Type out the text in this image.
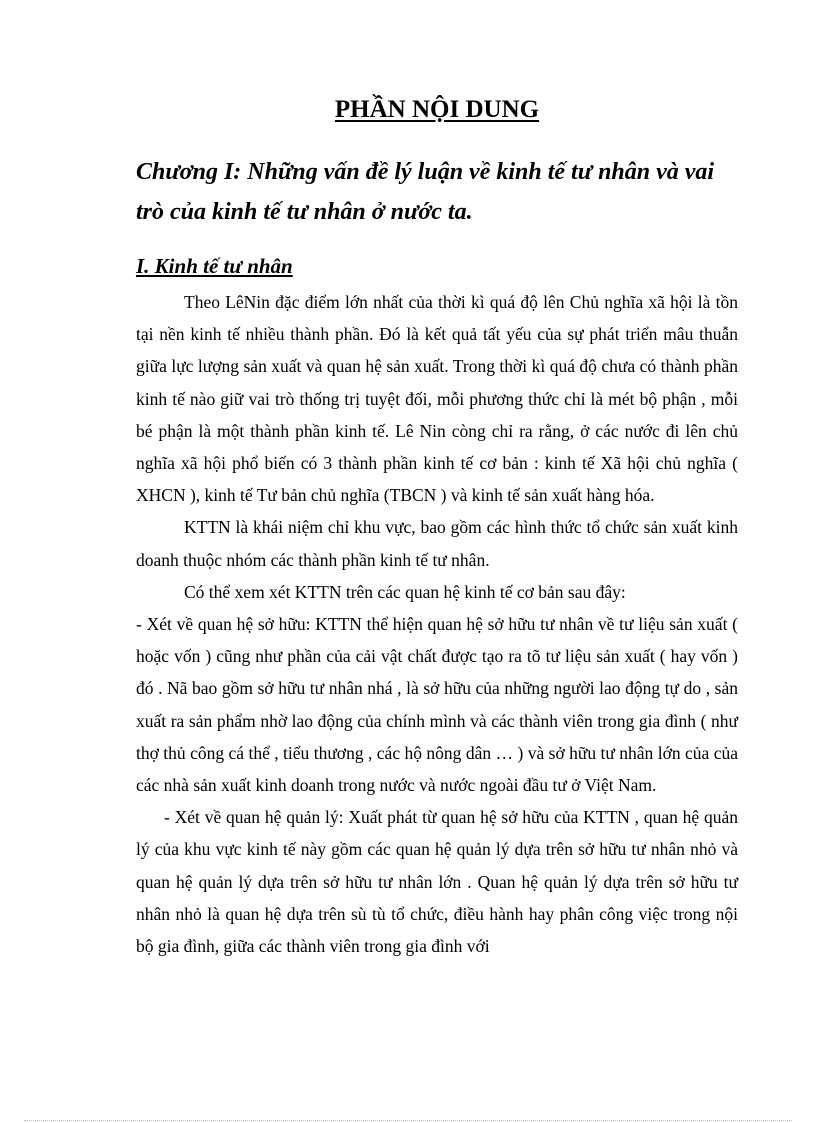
PHẦN NỘI DUNG
Chương I: Những vấn đề lý luận về kinh tế tư nhân và vai trò của kinh tế tư nhân ở nước ta.
I. Kinh tế tư nhân

Theo LêNin đặc điểm lớn nhất của thời kì quá độ lên Chủ nghĩa xã hội là tồn tại nền kinh tế nhiều thành phần. Đó là kết quả tất yếu của sự phát triển mâu thuẫn giữa lực lượng sản xuất và quan hệ sản xuất. Trong thời kì quá độ chưa có thành phần kinh tế nào giữ vai trò thống trị tuyệt đối, mỗi phương thức chỉ là mét bộ phận , mỗi bé phận là một thành phần kinh tế. Lê Nin còng chỉ ra rằng, ở các nước đi lên chủ nghĩa xã hội phổ biến có 3 thành phần kinh tế cơ bản : kinh tế Xã hội chủ nghĩa ( XHCN ), kinh tế Tư bản chủ nghĩa (TBCN ) và kinh tế sản xuất hàng hóa.

KTTN là khái niệm chỉ khu vực, bao gồm các hình thức tổ chức sản xuất kinh doanh thuộc nhóm các thành phần kinh tế tư nhân.

Có thể xem xét KTTN trên các quan hệ kinh tế cơ bản sau đây:

- Xét về quan hệ sở hữu: KTTN thể hiện quan hệ sở hữu tư nhân về tư liệu sản xuất ( hoặc vốn ) cũng như phần của cải vật chất được tạo ra tõ tư liệu sản xuất ( hay vốn ) đó . Nã bao gồm sở hữu tư nhân nhá , là sở hữu của những người lao động tự do , sản xuất ra sản phẩm nhờ lao động của chính mình và các thành viên trong gia đình ( như thợ thủ công cá thể , tiểu thương , các hộ nông dân … ) và sở hữu tư nhân lớn của của các nhà sản xuất kinh doanh trong nước và nước ngoài đầu tư ở Việt Nam.

- Xét về quan hệ quản lý: Xuất phát từ quan hệ sở hữu của KTTN , quan hệ quản lý của khu vực kinh tế này gồm các quan hệ quản lý dựa trên sở hữu tư nhân nhỏ và quan hệ quản lý dựa trên sở hữu tư nhân lớn . Quan hệ quản lý dựa trên sở hữu tư nhân nhỏ là quan hệ dựa trên sù tù tổ chức, điều hành hay phân công việc trong nội bộ gia đình, giữa các thành viên trong gia đình với
